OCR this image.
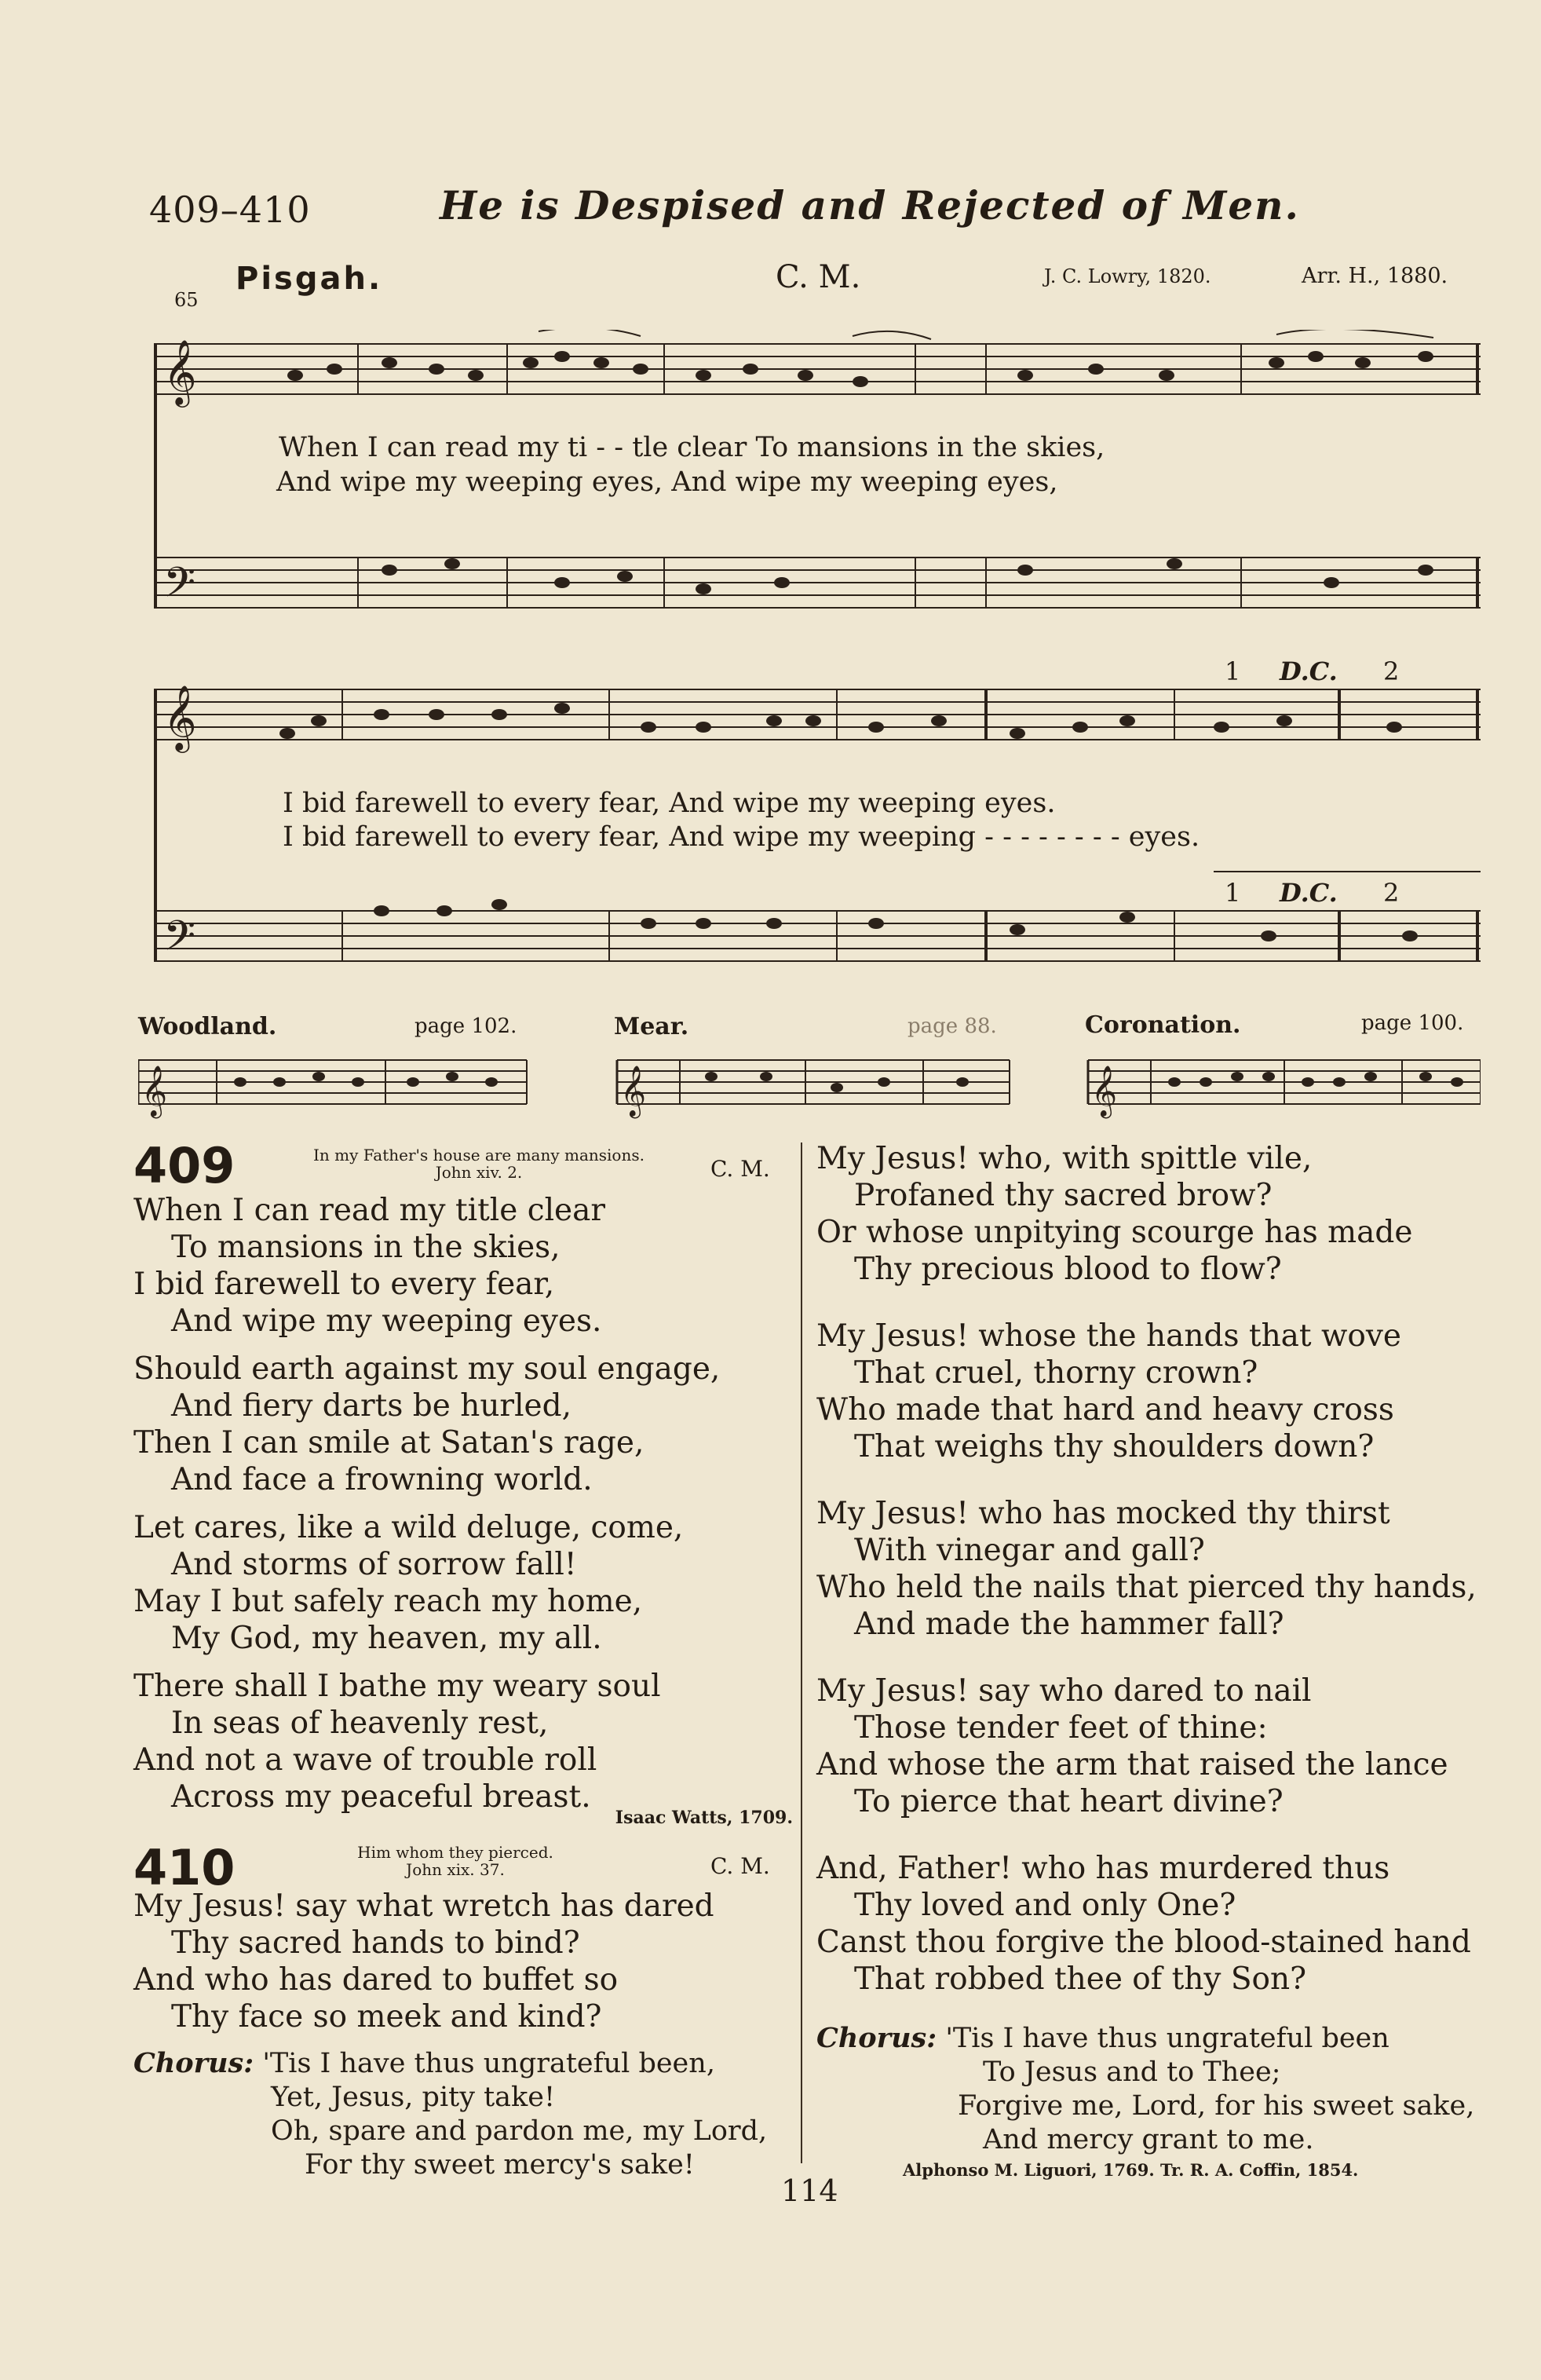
409–410	He is Despised and Rejected of Men.
Pisgah.
65
C. M.	J. C. Lowry, 1820.	Arr. H., 1880.
𝄞
𝄢
When I can read my ti - - tle clear To mansions in the skies,
And wipe my weeping eyes, And wipe my weeping eyes,
𝄞
𝄢
1 D.C. 2
I bid farewell to every fear, And wipe my weeping eyes.
I bid farewell to every fear, And wipe my weeping - - - - - - - - eyes.
1 D.C. 2
Woodland.	page 102.	Mear.	page 88.	Coronation.	page 100.
𝄞	𝄞	𝄞
409	In my Father's house are many mansions.
John xiv. 2.	C. M.
When I can read my title clear
To mansions in the skies,
I bid farewell to every fear,
And wipe my weeping eyes.
Should earth against my soul engage,
And fiery darts be hurled,
Then I can smile at Satan's rage,
And face a frowning world.
Let cares, like a wild deluge, come,
And storms of sorrow fall!
May I but safely reach my home,
My God, my heaven, my all.
There shall I bathe my weary soul
In seas of heavenly rest,
And not a wave of trouble roll
Across my peaceful breast.
Isaac Watts, 1709.
410	Him whom they pierced.
John xix. 37.	C. M.
My Jesus! say what wretch has dared
Thy sacred hands to bind?
And who has dared to buffet so
Thy face so meek and kind?
Chorus: 'Tis I have thus ungrateful been,
Yet, Jesus, pity take!
Oh, spare and pardon me, my Lord,
For thy sweet mercy's sake!
My Jesus! who, with spittle vile,
Profaned thy sacred brow?
Or whose unpitying scourge has made
Thy precious blood to flow?
My Jesus! whose the hands that wove
That cruel, thorny crown?
Who made that hard and heavy cross
That weighs thy shoulders down?
My Jesus! who has mocked thy thirst
With vinegar and gall?
Who held the nails that pierced thy hands,
And made the hammer fall?
My Jesus! say who dared to nail
Those tender feet of thine:
And whose the arm that raised the lance
To pierce that heart divine?
And, Father! who has murdered thus
Thy loved and only One?
Canst thou forgive the blood-stained hand
That robbed thee of thy Son?
Chorus: 'Tis I have thus ungrateful been
To Jesus and to Thee;
Forgive me, Lord, for his sweet sake,
And mercy grant to me.
Alphonso M. Liguori, 1769. Tr. R. A. Coffin, 1854.
114
